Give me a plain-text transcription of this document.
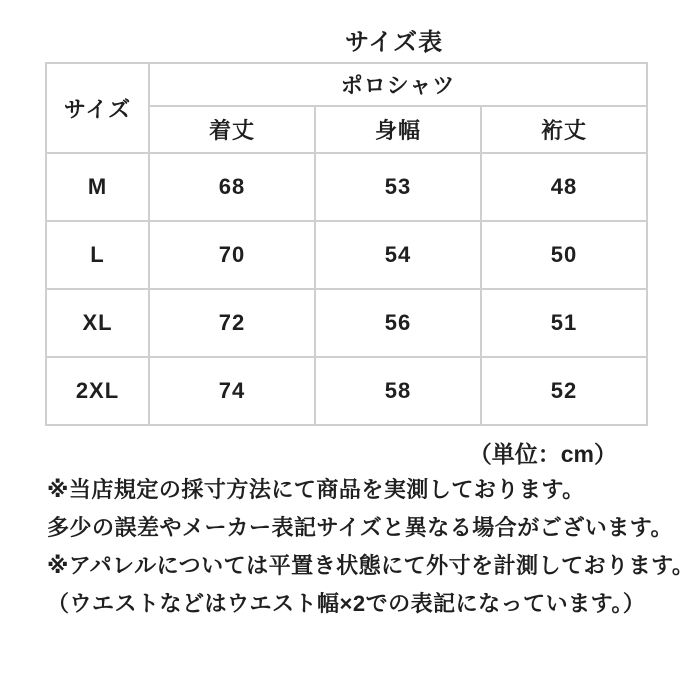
サイズ表
サイズ	ポロシャツ		
	着丈	身幅	裄丈
M	68	53	48
L	70	54	50
XL	72	56	51
2XL	74	58	52
（単位：cm）
※当店規定の採寸方法にて商品を実測しております。
多少の誤差やメーカー表記サイズと異なる場合がございます。
※アパレルについては平置き状態にて外寸を計測しております。
（ウエストなどはウエスト幅×2での表記になっています。）
